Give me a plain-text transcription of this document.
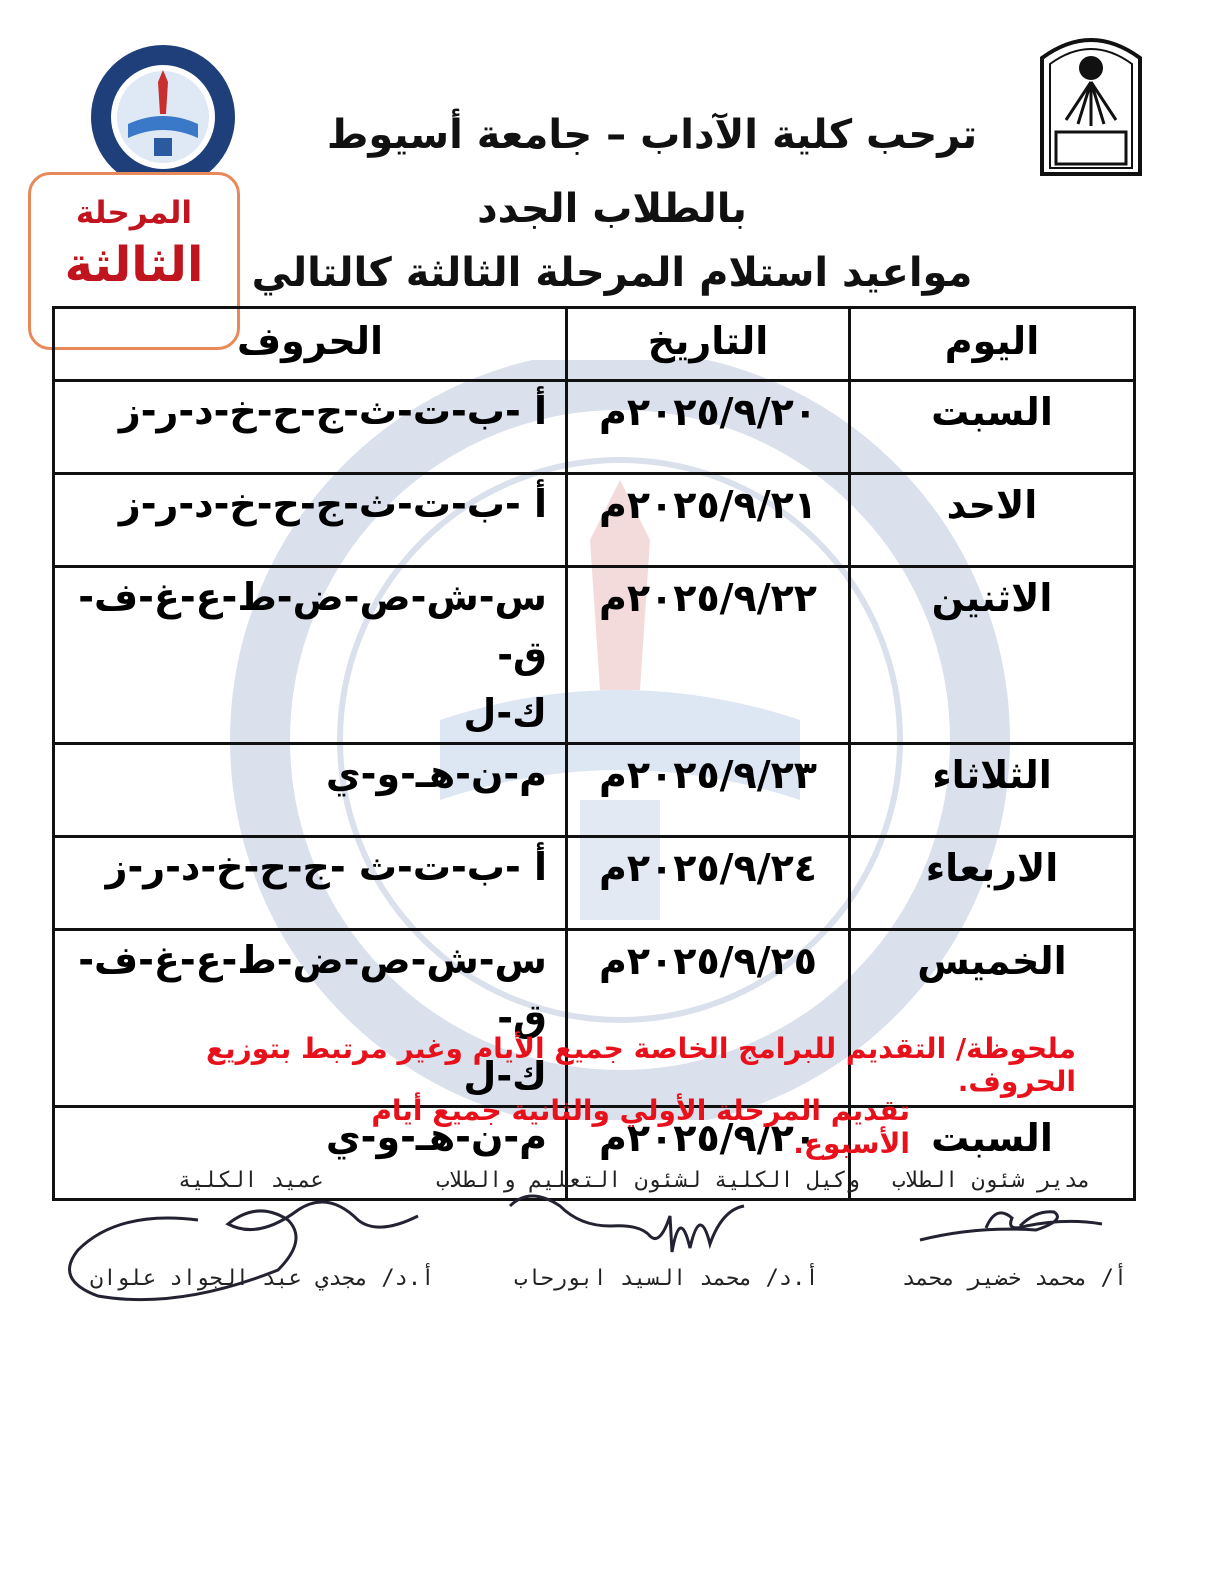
ترحب كلية الآداب – جامعة أسيوط
بالطلاب الجدد
مواعيد استلام المرحلة الثالثة كالتالي
المرحلة
الثالثة
اليوم	التاريخ	الحروف
السبت	٢٠٢٥/٩/٢٠م	أ -ب-ت-ث-ج-ح-خ-د-ر-ز

الاحد	٢٠٢٥/٩/٢١م	أ -ب-ت-ث-ج-ح-خ-د-ر-ز

الاثنين	٢٠٢٥/٩/٢٢م	س-ش-ص-ض-ط-ع-غ-ف-ق-
ك-ل

الثلاثاء	٢٠٢٥/٩/٢٣م	م-ن-هـ-و-ي

الاربعاء	٢٠٢٥/٩/٢٤م	أ -ب-ت-ث -ج-ح-خ-د-ر-ز

الخميس	٢٠٢٥/٩/٢٥م	س-ش-ص-ض-ط-ع-غ-ف-ق-
ك-ل

السبت	٢٠٢٥/٩/٢٠م	م-ن-هـ-و-ي
ملحوظة/ التقديم للبرامج الخاصة جميع الأيام وغير مرتبط بتوزيع الحروف.
تقديم المرحلة الأولي والثانية جميع أيام الأسبوع.
مدير شئون الطلاب
أ/ محمد خضير محمد
وكيل الكلية لشئون التعليم والطلاب
أ.د/ محمد السيد ابورحاب
عميد الكلية
أ.د/ مجدي عبد الجواد علوان
